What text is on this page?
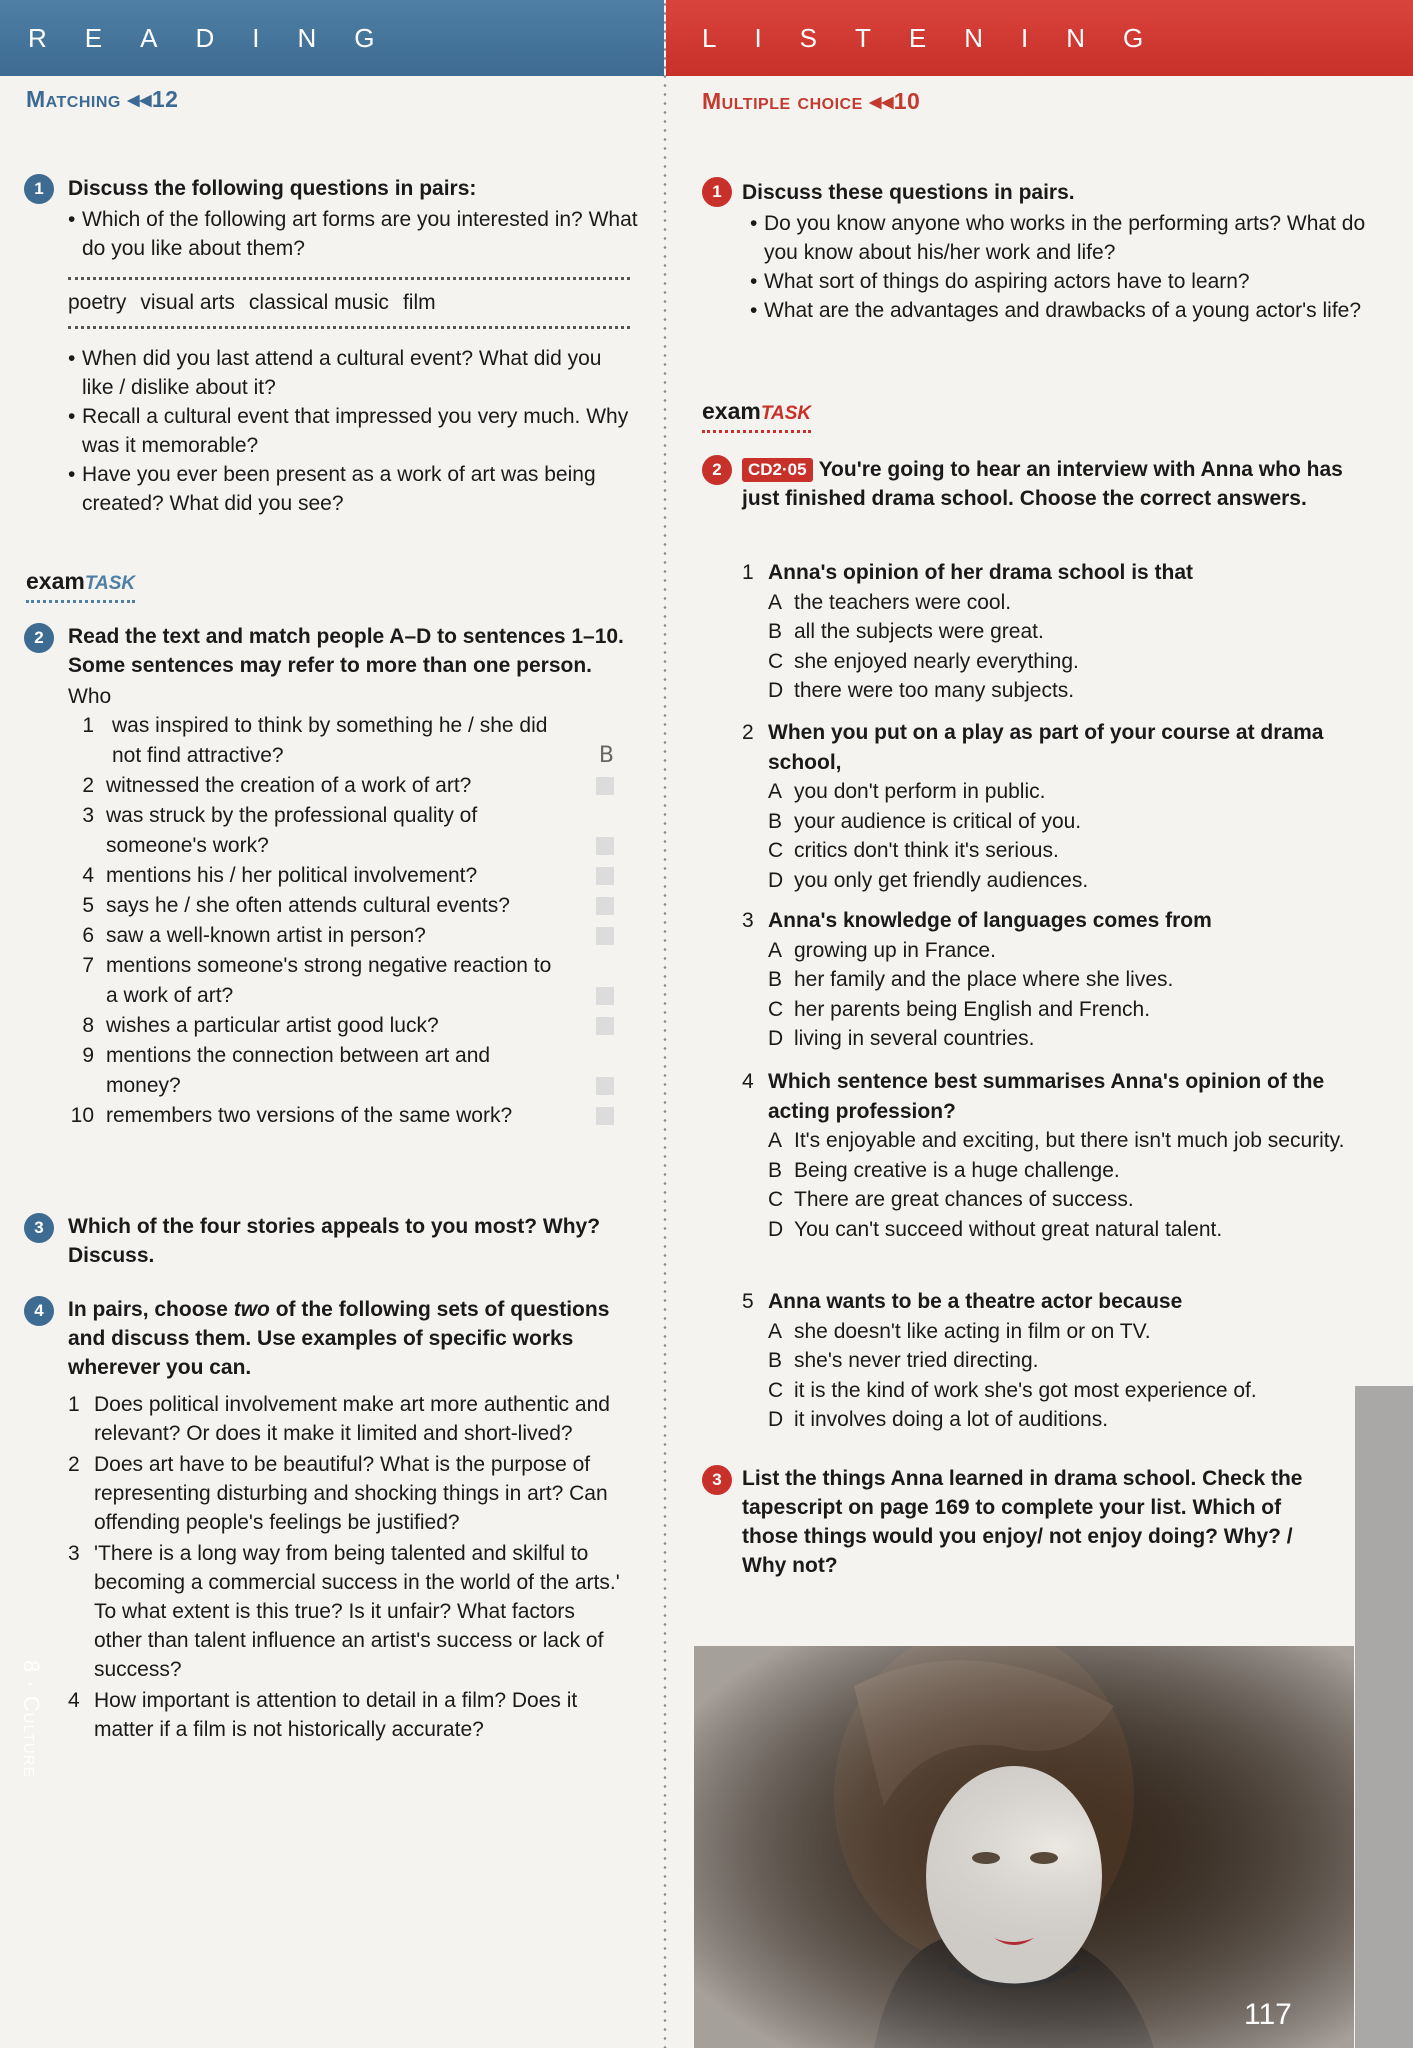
READING
Matching ◂◂12
1	Discuss the following questions in pairs:
• Which of the following art forms are you interested in? What do you like about them?
poetry visual arts classical music film
• When did you last attend a cultural event? What did you like / dislike about it?
• Recall a cultural event that impressed you very much. Why was it memorable?
• Have you ever been present as a work of art was being created? What did you see?
examTASK
2	Read the text and match people A–D to sentences 1–10. Some sentences may refer to more than one person.
Who
1 was inspired to think by something he / she did not find attractive?	B
2 witnessed the creation of a work of art?
3 was struck by the professional quality of someone's work?
4 mentions his / her political involvement?
5 says he / she often attends cultural events?
6 saw a well-known artist in person?
7 mentions someone's strong negative reaction to a work of art?
8 wishes a particular artist good luck?
9 mentions the connection between art and money?
10 remembers two versions of the same work?
3	Which of the four stories appeals to you most? Why? Discuss.
4	In pairs, choose two of the following sets of questions and discuss them. Use examples of specific works wherever you can.
1 Does political involvement make art more authentic and relevant? Or does it make it limited and short-lived?
2 Does art have to be beautiful? What is the purpose of representing disturbing and shocking things in art? Can offending people's feelings be justified?
3 'There is a long way from being talented and skilful to becoming a commercial success in the world of the arts.' To what extent is this true? Is it unfair? What factors other than talent influence an artist's success or lack of success?
4 How important is attention to detail in a film? Does it matter if a film is not historically accurate?
LISTENING
Multiple choice ◂◂10
1 Discuss these questions in pairs.
• Do you know anyone who works in the performing arts? What do you know about his/her work and life?
• What sort of things do aspiring actors have to learn?
• What are the advantages and drawbacks of a young actor's life?
examTASK
2	CD2·05 You're going to hear an interview with Anna who has just finished drama school. Choose the correct answers.
1 Anna's opinion of her drama school is that
A the teachers were cool.
B all the subjects were great.
C she enjoyed nearly everything.
D there were too many subjects.
2 When you put on a play as part of your course at drama school,
A you don't perform in public.
B your audience is critical of you.
C critics don't think it's serious.
D you only get friendly audiences.
3 Anna's knowledge of languages comes from
A growing up in France.
B her family and the place where she lives.
C her parents being English and French.
D living in several countries.
4 Which sentence best summarises Anna's opinion of the acting profession?
A It's enjoyable and exciting, but there isn't much job security.
B Being creative is a huge challenge.
C There are great chances of success.
D You can't succeed without great natural talent.
5 Anna wants to be a theatre actor because
A she doesn't like acting in film or on TV.
B she's never tried directing.
C it is the kind of work she's got most experience of.
D it involves doing a lot of auditions.
3 List the things Anna learned in drama school. Check the tapescript on page 169 to complete your list. Which of those things would you enjoy/ not enjoy doing? Why? / Why not?
8 · Culture
117
